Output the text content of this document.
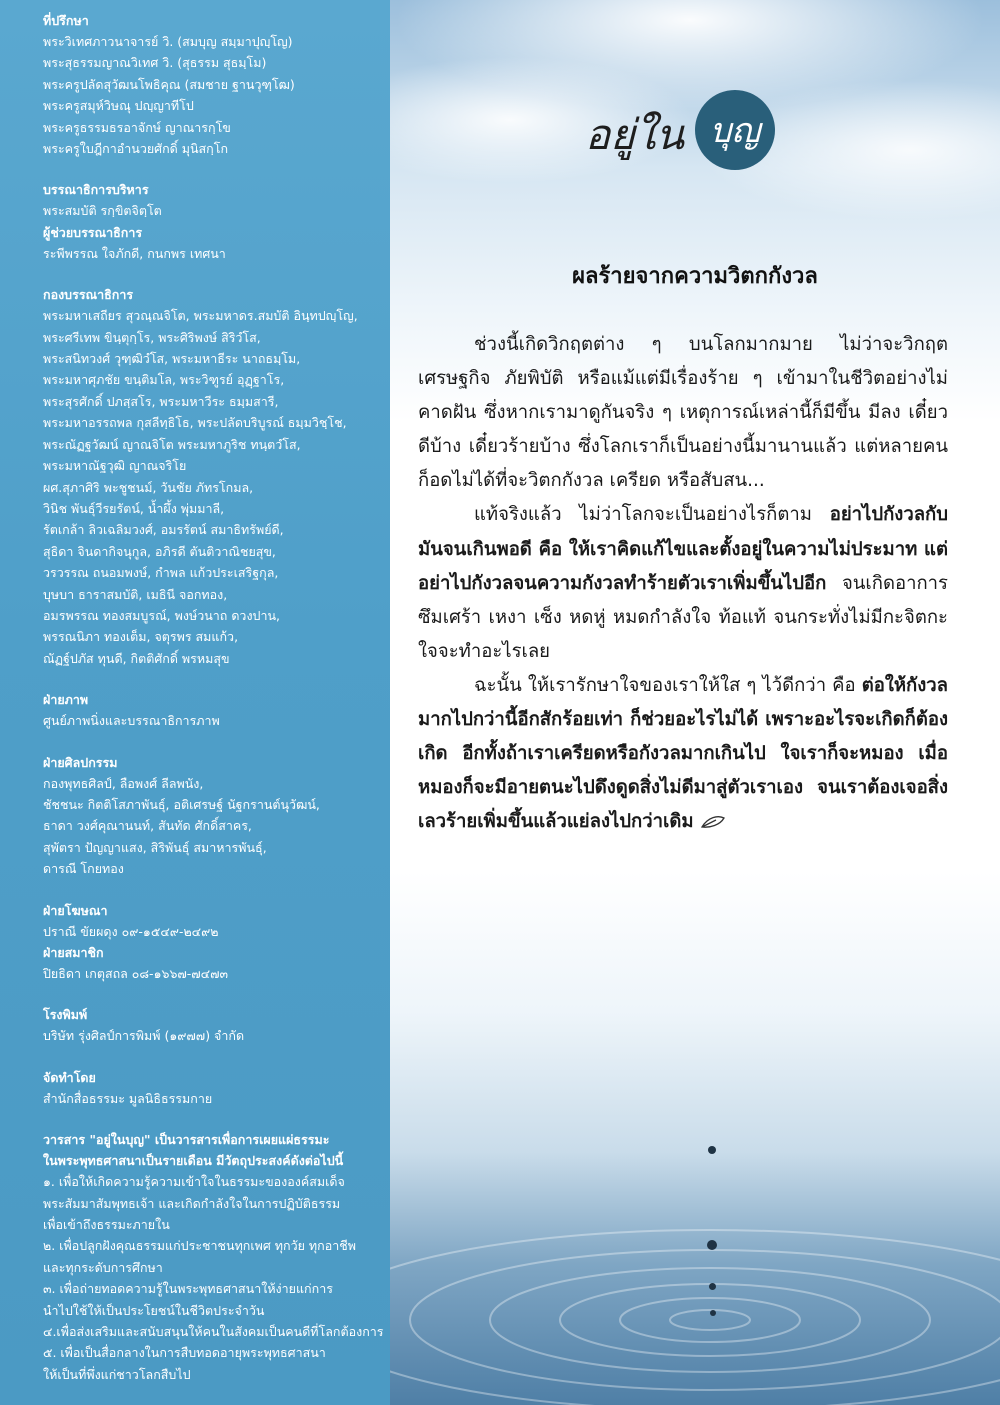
ที่ปรึกษา
พระวิเทศภาวนาจารย์ วิ. (สมบุญ สมฺมาปุญฺโญ)
พระสุธรรมญาณวิเทศ วิ. (สุธรรม สุธมฺโม)
พระครูปลัดสุวัฒนโพธิคุณ (สมชาย ฐานวุฑฺโฒ)
พระครูสมุห์วิษณุ ปญฺญาทีโป
พระครูธรรมธรอาจักษ์ ญาณารกฺโข
พระครูใบฎีกาอำนวยศักดิ์ มุนิสกฺโก
บรรณาธิการบริหาร
พระสมบัติ รกฺขิตจิตฺโต
ผู้ช่วยบรรณาธิการ
ระพีพรรณ ใจภักดี, กนกพร เทศนา
กองบรรณาธิการ
พระมหาเสถียร สุวณฺณจิโต, พระมหาดร.สมบัติ อินฺทปญฺโญ,
พระศรีเทพ ขินฺตุกฺโร, พระศิริพงษ์ สิริวํโส,
พระสนิทวงศ์ วุฑฺฒิวํโส, พระมหาธีระ นาถธมฺโม,
พระมหาศุภชัย ขนฺติมโล, พระวิฑูรย์ อุฏฺฐาโร,
พระสุรศักดิ์ ปภสฺสโร, พระมหาวีระ ธมฺมสารี,
พระมหาอรรถพล กุสลีทฺธิโธ, พระปลัดบริบูรณ์ ธมฺมวิชฺโช,
พระณัฏฐวัฒน์ ญาณจิโต พระมหาภูริช ทนฺตวํโส,
พระมหาณัฐวุฒิ ญาณจริโย
ผศ.สุภาศิริ พะชูชนม์, วันชัย ภัทรโกมล,
วินิช พันธุ์วีรยรัตน์, น้ำผึ้ง พุ่มมาลี,
รัตเกล้า ลิวเฉลิมวงศ์, อมรรัตน์ สมาธิทรัพย์ดี,
สุธิดา จินดากิจนุกูล, อภิรดี ตันติวาณิชยสุข,
วรวรรณ ถนอมพงษ์, กำพล แก้วประเสริฐกุล,
บุษบา ธาราสมบัติ, เมธินี จอกทอง,
อมรพรรณ ทองสมบูรณ์, พงษ์วนาถ ดวงปาน,
พรรณนิภา ทองเต็ม, จตุรพร สมแก้ว,
ณัฏฐ์ปภัส ทุนดี, กิตติศักดิ์ พรหมสุข
ฝ่ายภาพ
ศูนย์ภาพนิ่งและบรรณาธิการภาพ
ฝ่ายศิลปกรรม
กองพุทธศิลป์, ลือพงศ์ ลีลพนัง,
ชัชชนะ กิตติโสภาพันธุ์, อติเศรษฐ์ นัฐกรานต์นุวัฒน์,
ธาดา วงศ์คุณานนท์, สันทัด ศักดิ์สาคร,
สุพัตรา ปัญญาแสง, สิริพันธุ์ สมาหารพันธุ์,
ดารณี โกยทอง
ฝ่ายโฆษณา
ปราณี ขัยผดุง ๐๙-๑๕๔๙-๒๔๙๒
ฝ่ายสมาชิก
ปิยธิดา เกตุสถล ๐๘-๑๖๖๗-๗๔๗๓
โรงพิมพ์
บริษัท รุ่งศิลป์การพิมพ์ (๑๙๗๗) จำกัด
จัดทำโดย
สำนักสื่อธรรมะ มูลนิธิธรรมกาย
วารสาร "อยู่ในบุญ" เป็นวารสารเพื่อการเผยแผ่ธรรมะ
ในพระพุทธศาสนาเป็นรายเดือน มีวัตถุประสงค์ดังต่อไปนี้
๑. เพื่อให้เกิดความรู้ความเข้าใจในธรรมะขององค์สมเด็จ
พระสัมมาสัมพุทธเจ้า และเกิดกำลังใจในการปฏิบัติธรรม
เพื่อเข้าถึงธรรมะภายใน
๒. เพื่อปลูกฝังคุณธรรมแก่ประชาชนทุกเพศ ทุกวัย ทุกอาชีพ
และทุกระดับการศึกษา
๓. เพื่อถ่ายทอดความรู้ในพระพุทธศาสนาให้ง่ายแก่การ
นำไปใช้ให้เป็นประโยชน์ในชีวิตประจำวัน
๔.เพื่อส่งเสริมและสนับสนุนให้คนในสังคมเป็นคนดีที่โลกต้องการ
๕. เพื่อเป็นสื่อกลางในการสืบทอดอายุพระพุทธศาสนา
ให้เป็นที่พึ่งแก่ชาวโลกสืบไป
อยู่ใน บุญ
ผลร้ายจากความวิตกกังวล

ช่วงนี้เกิดวิกฤตต่าง ๆ บนโลกมากมาย ไม่ว่าจะวิกฤตเศรษฐกิจ ภัยพิบัติ หรือแม้แต่มีเรื่องร้าย ๆ เข้ามาในชีวิตอย่างไม่คาดฝัน ซึ่งหากเรามาดูกันจริง ๆ เหตุการณ์เหล่านี้ก็มีขึ้น มีลง เดี๋ยวดีบ้าง เดี๋ยวร้ายบ้าง ซึ่งโลกเราก็เป็นอย่างนี้มานานแล้ว แต่หลายคนก็อดไม่ได้ที่จะวิตกกังวล เครียด หรือสับสน...

แท้จริงแล้ว ไม่ว่าโลกจะเป็นอย่างไรก็ตาม อย่าไปกังวลกับมันจนเกินพอดี คือ ให้เราคิดแก้ไขและตั้งอยู่ในความไม่ประมาท แต่อย่าไปกังวลจนความกังวลทำร้ายตัวเราเพิ่มขึ้นไปอีก จนเกิดอาการซึมเศร้า เหงา เซ็ง หดหู่ หมดกำลังใจ ท้อแท้ จนกระทั่งไม่มีกะจิตกะใจจะทำอะไรเลย

ฉะนั้น ให้เรารักษาใจของเราให้ใส ๆ ไว้ดีกว่า คือ ต่อให้กังวลมากไปกว่านี้อีกสักร้อยเท่า ก็ช่วยอะไรไม่ได้ เพราะอะไรจะเกิดก็ต้องเกิด อีกทั้งถ้าเราเครียดหรือกังวลมากเกินไป ใจเราก็จะหมอง เมื่อหมองก็จะมีอายตนะไปดึงดูดสิ่งไม่ดีมาสู่ตัวเราเอง จนเราต้องเจอสิ่งเลวร้ายเพิ่มขึ้นแล้วแย่ลงไปกว่าเดิม
